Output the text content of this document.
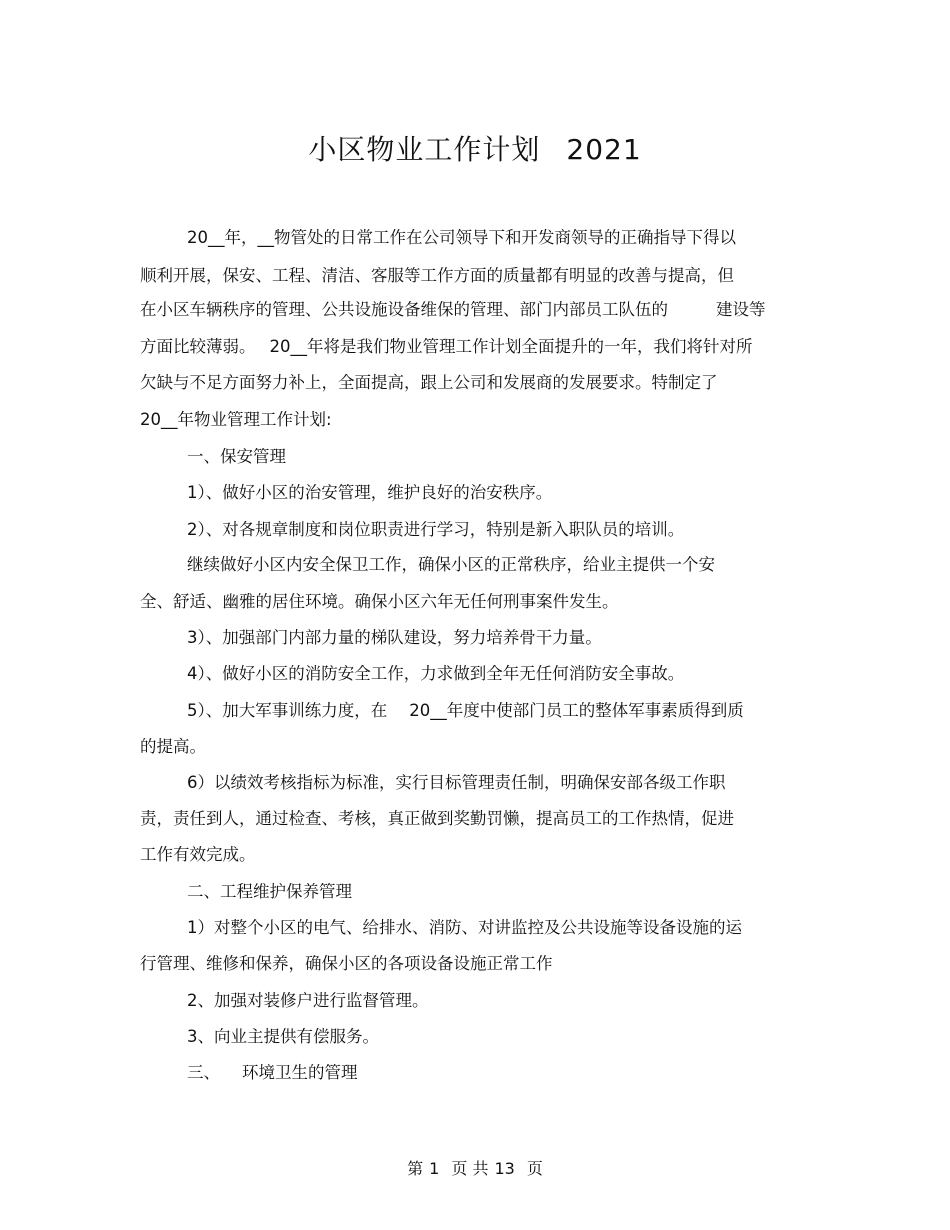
小区物业工作计划 2021
20__年，__物管处的日常工作在公司领导下和开发商领导的正确指导下得以
顺利开展，保安、工程、清洁、客服等工作方面的质量都有明显的改善与提高，但
在小区车辆秩序的管理、公共设施设备维保的管理、部门内部员工队伍的	建设等
方面比较薄弱。 20__年将是我们物业管理工作计划全面提升的一年，我们将针对所
欠缺与不足方面努力补上，全面提高，跟上公司和发展商的发展要求。特制定了
20__年物业管理工作计划:
一、保安管理
1）、做好小区的治安管理，维护良好的治安秩序。
2）、对各规章制度和岗位职责进行学习，特别是新入职队员的培训。
继续做好小区内安全保卫工作，确保小区的正常秩序，给业主提供一个安
全、舒适、幽雅的居住环境。确保小区六年无任何刑事案件发生。
3）、加强部门内部力量的梯队建设，努力培养骨干力量。
4）、做好小区的消防安全工作，力求做到全年无任何消防安全事故。
5）、加大军事训练力度，在 20__年度中使部门员工的整体军事素质得到质
的提高。
6）以绩效考核指标为标准，实行目标管理责任制，明确保安部各级工作职
责，责任到人，通过检查、考核，真正做到奖勤罚懒，提高员工的工作热情，促进
工作有效完成。
二、工程维护保养管理
1）对整个小区的电气、给排水、消防、对讲监控及公共设施等设备设施的运
行管理、维修和保养，确保小区的各项设备设施正常工作
2、加强对装修户进行监督管理。
3、向业主提供有偿服务。
三、 环境卫生的管理
第 1 页 共 13 页
